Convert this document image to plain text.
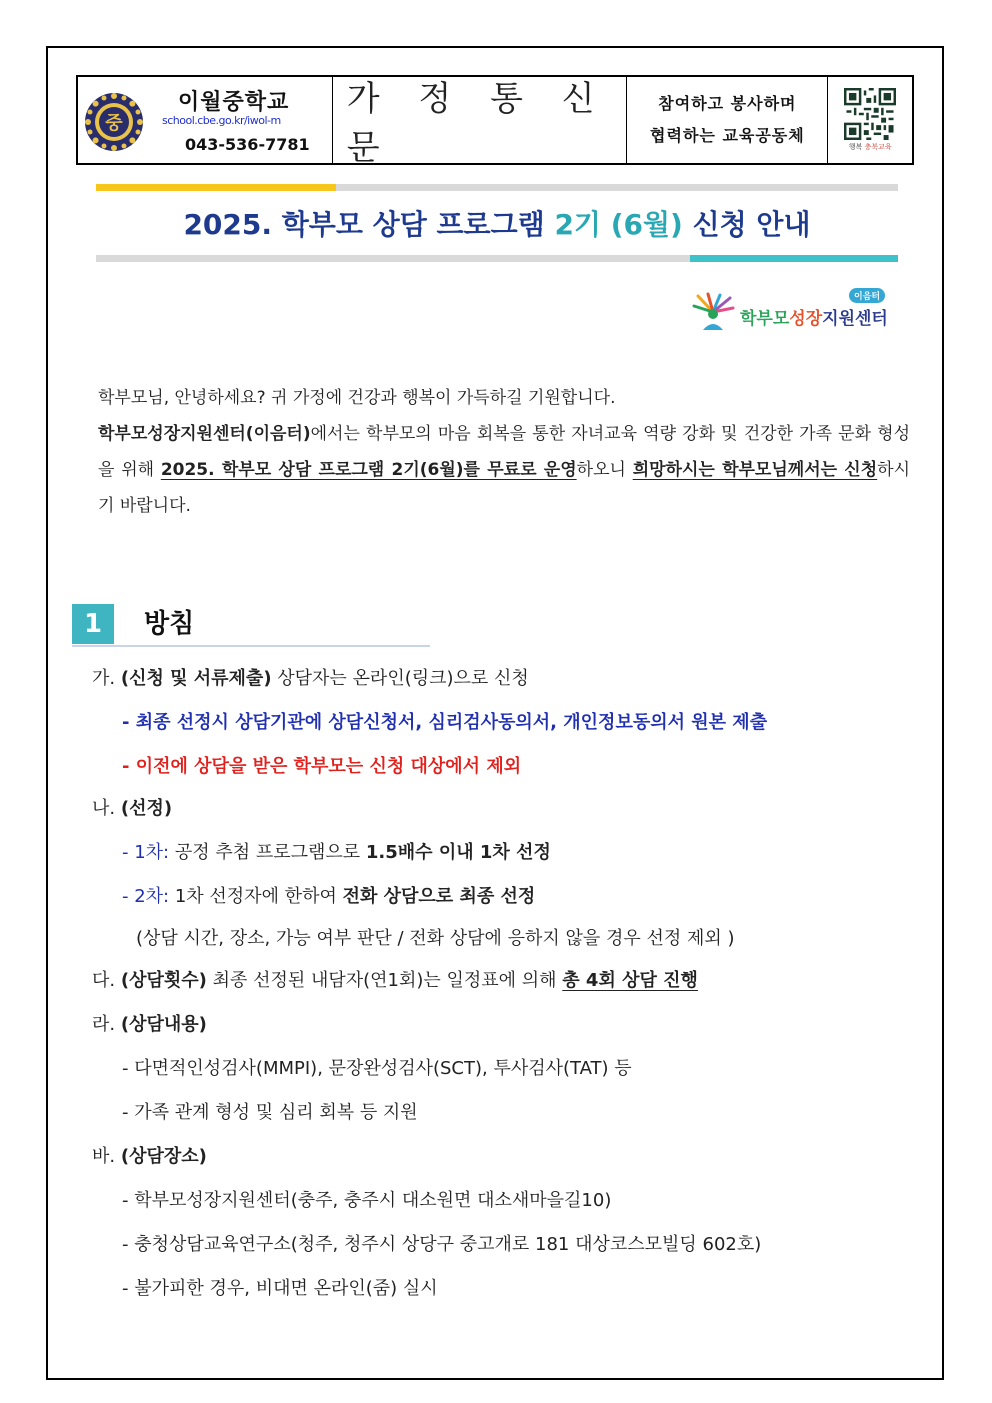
중
이월중학교
school.cbe.go.kr/iwol-m
043-536-7781
가 정 통 신 문
참여하고 봉사하며
협력하는 교육공동체
행복 충북교육
2025. 학부모 상담 프로그램 2기 (6월) 신청 안내
학부모성장지원센터
이음터

학부모님, 안녕하세요? 귀 가정에 건강과 행복이 가득하길 기원합니다.

학부모성장지원센터(이음터)에서는 학부모의 마음 회복을 통한 자녀교육 역량 강화 및 건강한 가족 문화 형성을 위해 2025. 학부모 상담 프로그램 2기(6월)를 무료로 운영하오니 희망하시는 학부모님께서는 신청하시기 바랍니다.

1	방침
가. (신청 및 서류제출) 상담자는 온라인(링크)으로 신청
- 최종 선정시 상담기관에 상담신청서, 심리검사동의서, 개인정보동의서 원본 제출
- 이전에 상담을 받은 학부모는 신청 대상에서 제외
나. (선정)
- 1차: 공정 추첨 프로그램으로 1.5배수 이내 1차 선정
- 2차: 1차 선정자에 한하여 전화 상담으로 최종 선정
(상담 시간, 장소, 가능 여부 판단 / 전화 상담에 응하지 않을 경우 선정 제외 )
다. (상담횟수) 최종 선정된 내담자(연1회)는 일정표에 의해 총 4회 상담 진행
라. (상담내용)
- 다면적인성검사(MMPI), 문장완성검사(SCT), 투사검사(TAT) 등
- 가족 관계 형성 및 심리 회복 등 지원
바. (상담장소)
- 학부모성장지원센터(충주, 충주시 대소원면 대소새마을길10)
- 충청상담교육연구소(청주, 청주시 상당구 중고개로 181 대상코스모빌딩 602호)
- 불가피한 경우, 비대면 온라인(줌) 실시
